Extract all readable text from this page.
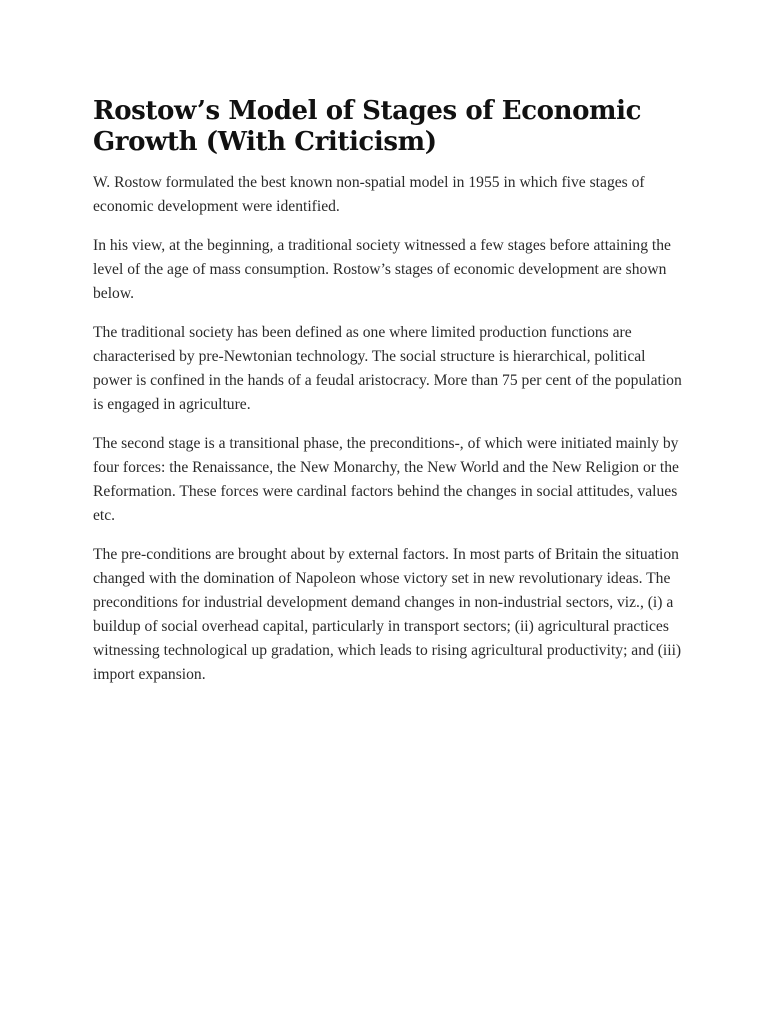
Rostow’s Model of Stages of Economic Growth (With Criticism)

W. Rostow formulated the best known non-spatial model in 1955 in which five stages of economic development were identified.

In his view, at the beginning, a traditional society witnessed a few stages before attaining the level of the age of mass consumption. Rostow’s stages of economic development are shown below.

The traditional society has been defined as one where limited production functions are characterised by pre-Newtonian technology. The social structure is hierarchical, political power is confined in the hands of a feudal aristocracy. More than 75 per cent of the population is engaged in agriculture.

The second stage is a transitional phase, the preconditions-, of which were initiated mainly by four forces: the Renaissance, the New Monarchy, the New World and the New Religion or the Reformation. These forces were cardinal factors behind the changes in social attitudes, values etc.

The pre-conditions are brought about by external factors. In most parts of Britain the situation changed with the domination of Napoleon whose victory set in new revolutionary ideas. The preconditions for industrial development demand changes in non-industrial sectors, viz., (i) a buildup of social overhead capital, particularly in transport sectors; (ii) agricultural practices witnessing technological up gradation, which leads to rising agricultural productivity; and (iii) import expansion.
